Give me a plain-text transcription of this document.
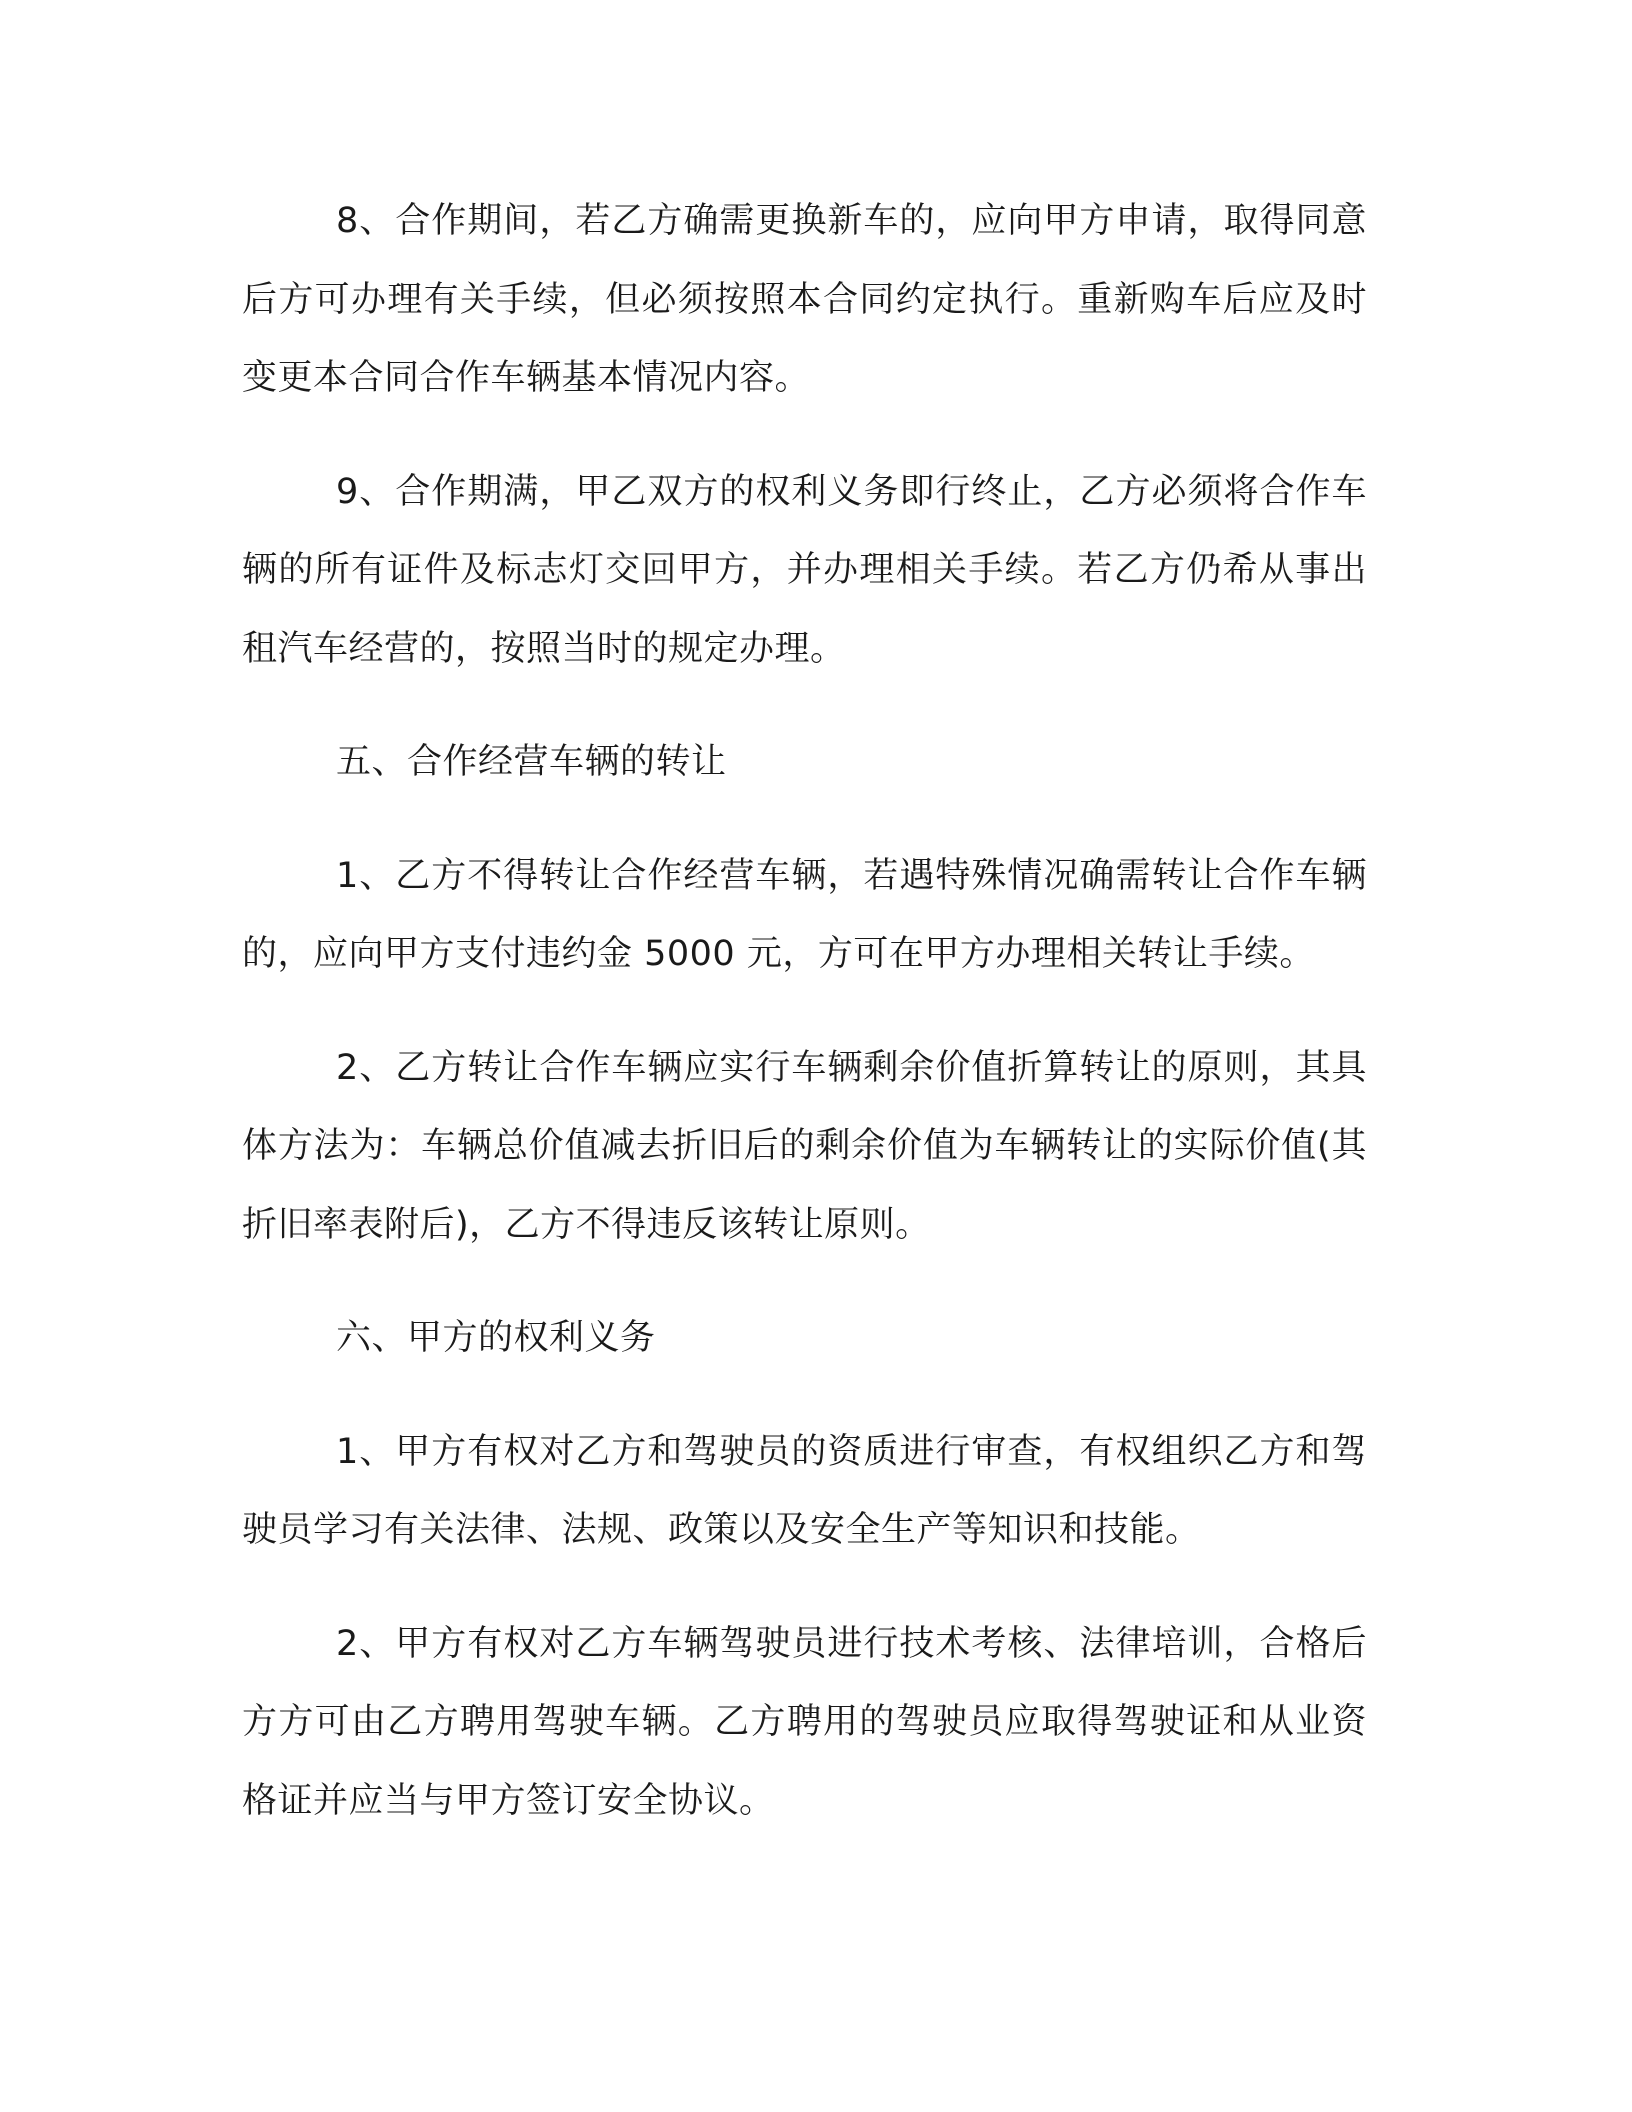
8、合作期间，若乙方确需更换新车的，应向甲方申请，取得同意后方可办理有关手续，但必须按照本合同约定执行。重新购车后应及时变更本合同合作车辆基本情况内容。

9、合作期满，甲乙双方的权利义务即行终止，乙方必须将合作车辆的所有证件及标志灯交回甲方，并办理相关手续。若乙方仍希从事出租汽车经营的，按照当时的规定办理。

五、合作经营车辆的转让

1、乙方不得转让合作经营车辆，若遇特殊情况确需转让合作车辆的，应向甲方支付违约金 5000 元，方可在甲方办理相关转让手续。

2、乙方转让合作车辆应实行车辆剩余价值折算转让的原则，其具体方法为：车辆总价值减去折旧后的剩余价值为车辆转让的实际价值(其折旧率表附后)，乙方不得违反该转让原则。

六、甲方的权利义务

1、甲方有权对乙方和驾驶员的资质进行审查，有权组织乙方和驾驶员学习有关法律、法规、政策以及安全生产等知识和技能。

2、甲方有权对乙方车辆驾驶员进行技术考核、法律培训，合格后方方可由乙方聘用驾驶车辆。乙方聘用的驾驶员应取得驾驶证和从业资格证并应当与甲方签订安全协议。
